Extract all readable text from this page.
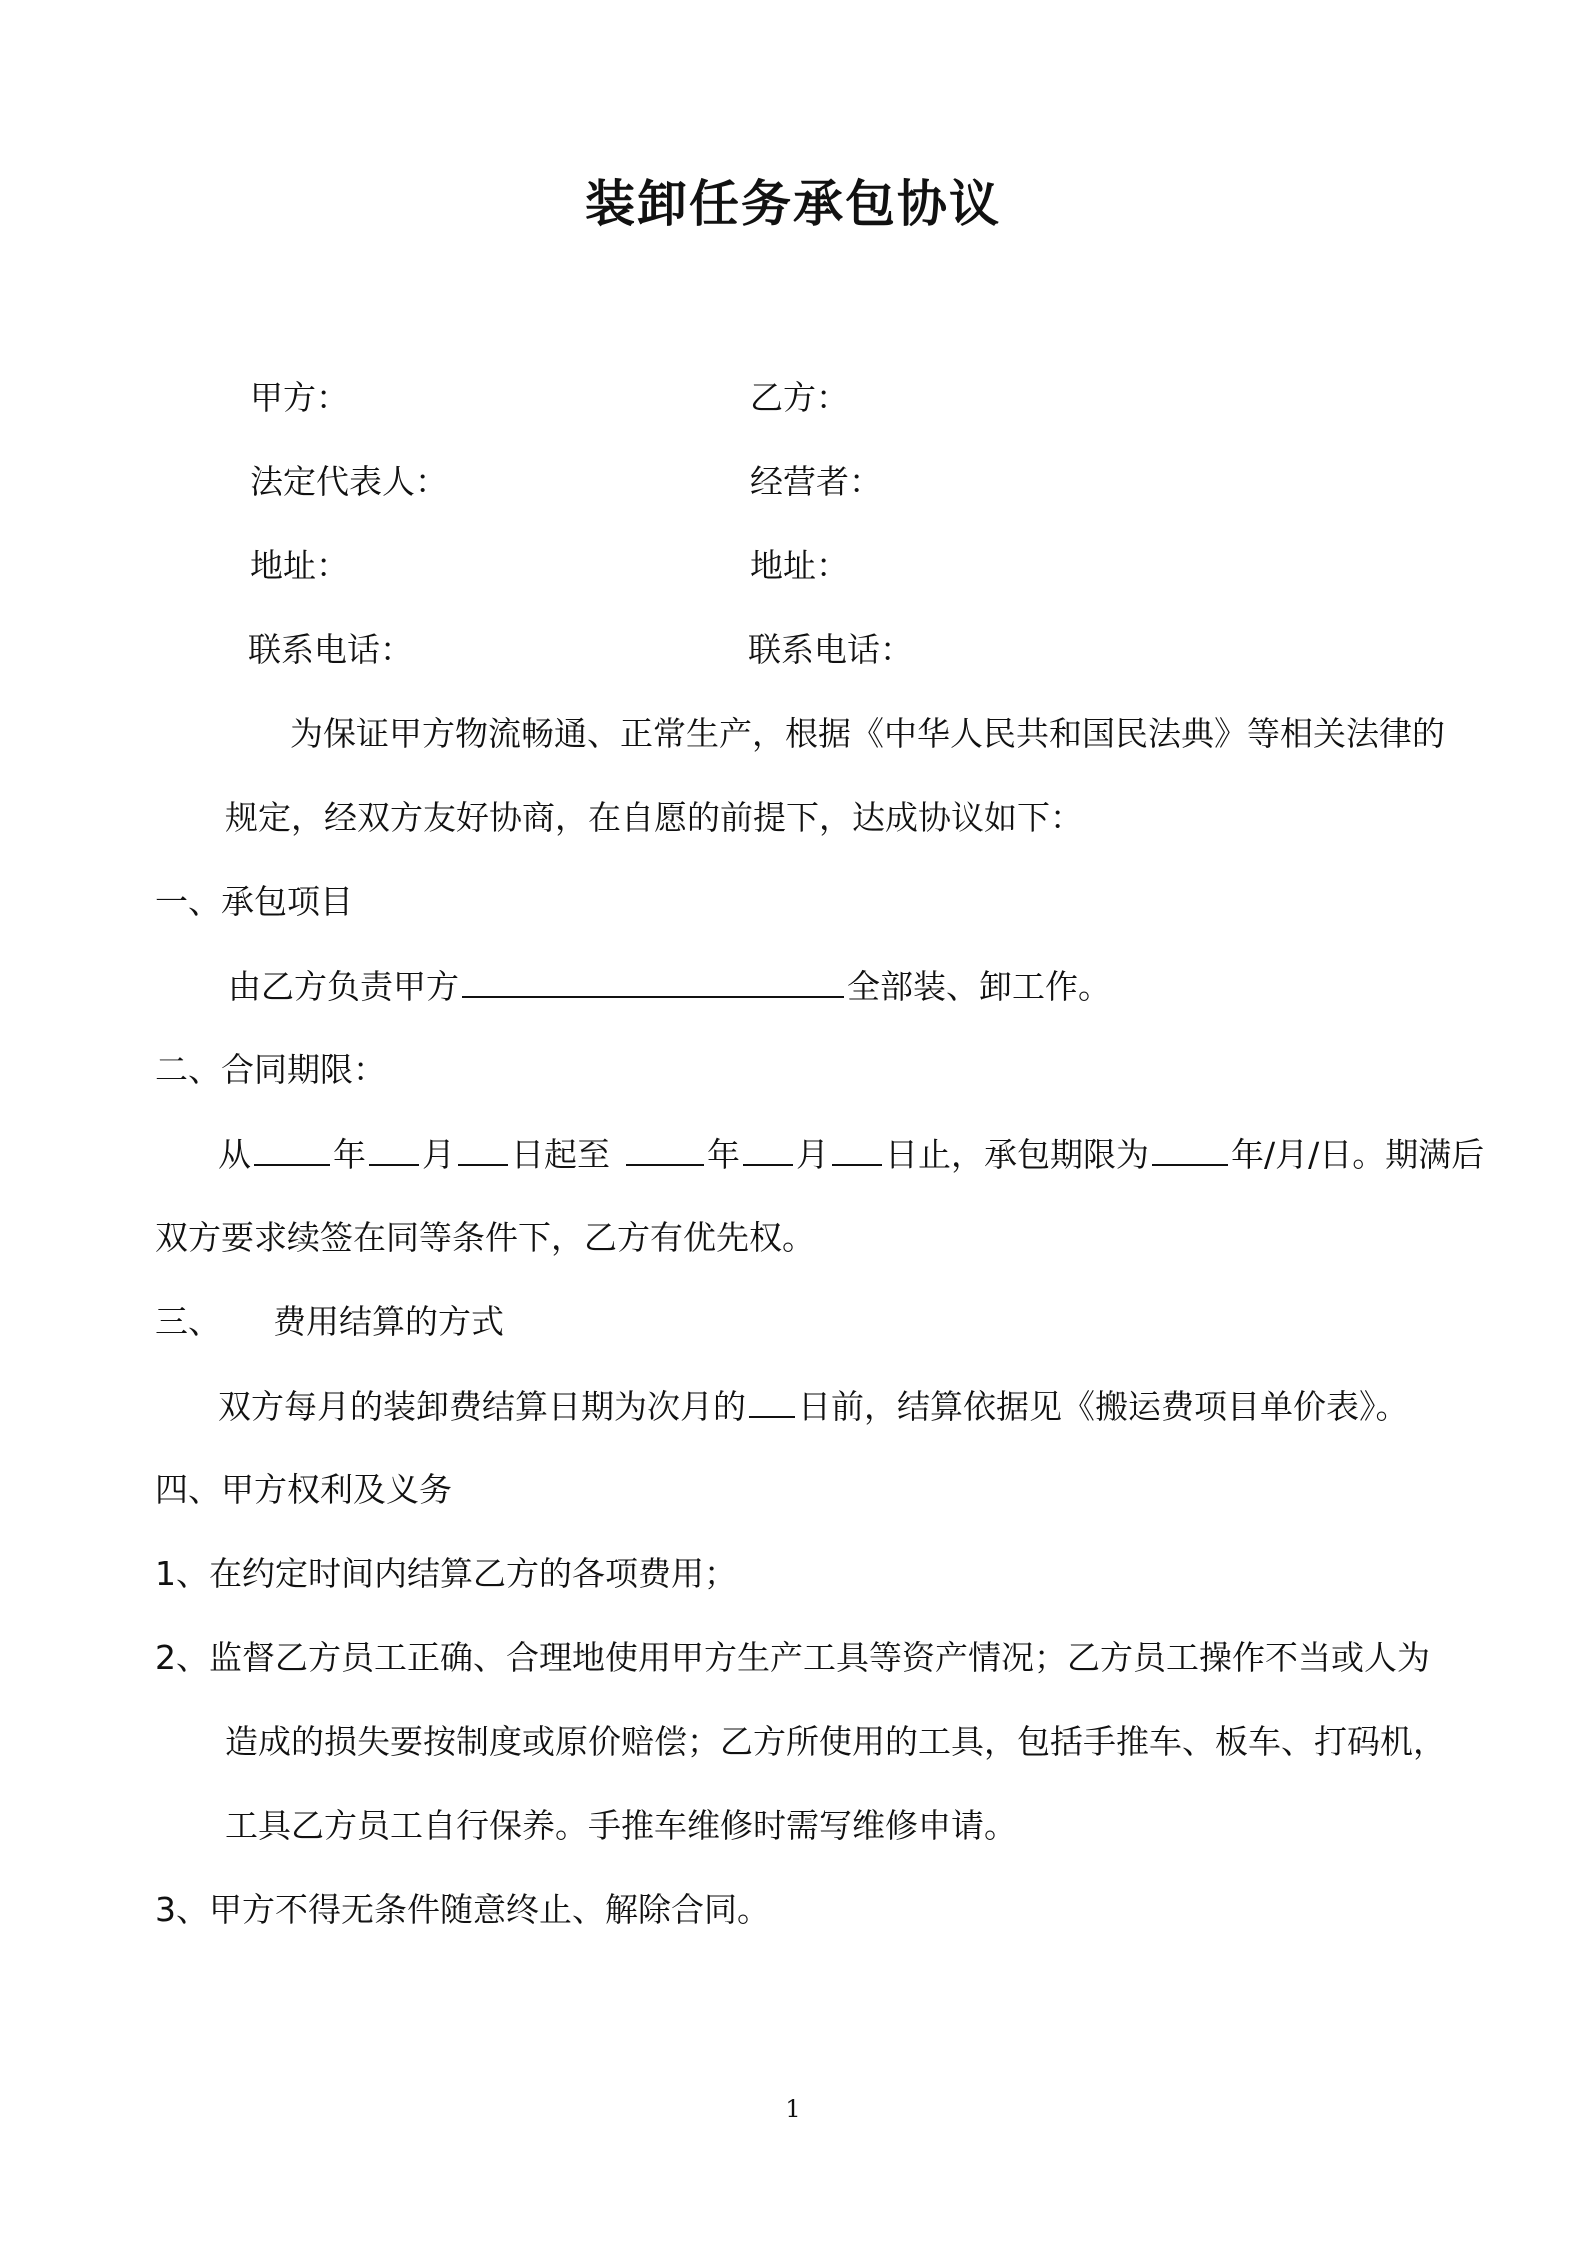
装卸任务承包协议
甲方：	乙方：
法定代表人：	经营者：
地址：	地址：
联系电话：	联系电话：
为保证甲方物流畅通、正常生产，根据《中华人民共和国民法典》等相关法律的
规定，经双方友好协商，在自愿的前提下，达成协议如下：
一、承包项目
由乙方负责甲方	全部装、卸工作。
二、合同期限：
从 年 月 日起至	年 月 日止，承包期限为 年/月/日。期满后
双方要求续签在同等条件下，乙方有优先权。
三、 费用结算的方式
双方每月的装卸费结算日期为次月的 日前，结算依据见《搬运费项目单价表》。
四、甲方权利及义务
1、在约定时间内结算乙方的各项费用；
2、监督乙方员工正确、合理地使用甲方生产工具等资产情况；乙方员工操作不当或人为
造成的损失要按制度或原价赔偿；乙方所使用的工具，包括手推车、板车、打码机，
工具乙方员工自行保养。手推车维修时需写维修申请。
3、甲方不得无条件随意终止、解除合同。
1
